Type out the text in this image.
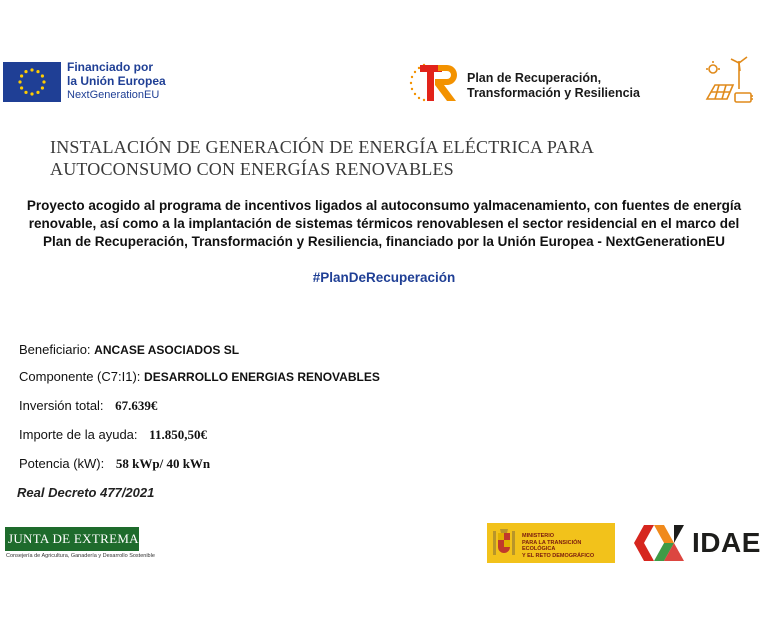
Financiado por
la Unión Europea
NextGenerationEU
Plan de Recuperación,
Transformación y Resiliencia
INSTALACIÓN DE GENERACIÓN DE ENERGÍA ELÉCTRICA PARA
AUTOCONSUMO CON ENERGÍAS RENOVABLES
Proyecto acogido al programa de incentivos ligados al autoconsumo yalmacenamiento, con fuentes de energía
renovable, así como a la implantación de sistemas térmicos renovablesen el sector residencial en el marco del
Plan de Recuperación, Transformación y Resiliencia, financiado por la Unión Europea - NextGenerationEU
#PlanDeRecuperación
Beneficiario: ANCASE ASOCIADOS SL
Componente (C7:I1): DESARROLLO ENERGIAS RENOVABLES
Inversión total: 67.639€
Importe de la ayuda: 11.850,50€
Potencia (kW): 58 kWp/ 40 kWn
Real Decreto 477/2021
JUNTA DE EXTREMADURA
Consejería de Agricultura, Ganadería y Desarrollo Sostenible
MINISTERIO
PARA LA TRANSICIÓN ECOLÓGICA
Y EL RETO DEMOGRÁFICO	IDAE
